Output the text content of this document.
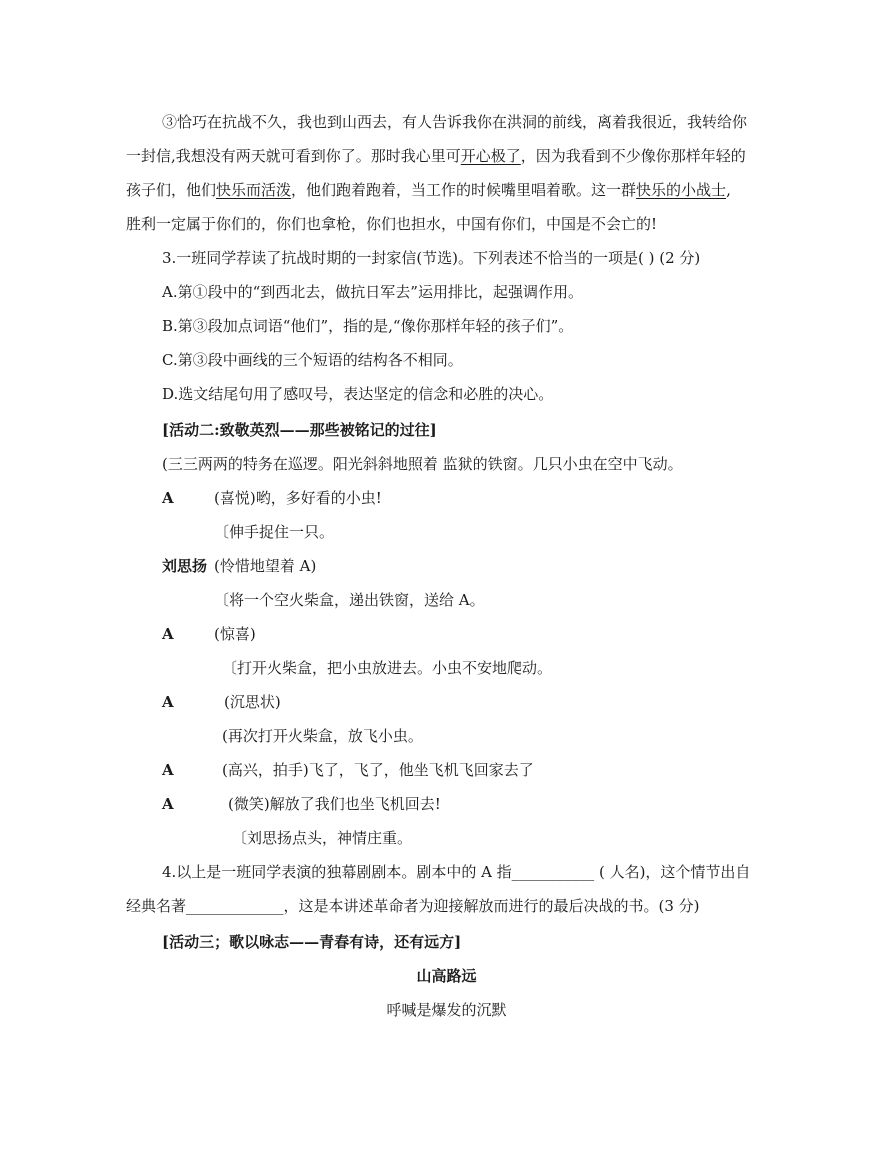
③恰巧在抗战不久，我也到山西去，有人告诉我你在洪洞的前线，离着我很近，我转给你
一封信,我想没有两天就可看到你了。那时我心里可开心极了，因为我看到不少像你那样年轻的
孩子们，他们快乐而活泼，他们跑着跑着，当工作的时候嘴里唱着歌。这一群快乐的小战士,
胜利一定属于你们的，你们也拿枪，你们也担水，中国有你们，中国是不会亡的!
3.一班同学荐读了抗战时期的一封家信(节选)。下列表述不恰当的一项是( ) (2 分)
A.第①段中的“到西北去，做抗日军去”运用排比，起强调作用。
B.第③段加点词语“他们”，指的是,“像你那样年轻的孩子们”。
C.第③段中画线的三个短语的结构各不相同。
D.选文结尾句用了感叹号，表达坚定的信念和必胜的决心。
[活动二:致敬英烈——那些被铭记的过往]
(三三两两的特务在巡逻。阳光斜斜地照着 监狱的铁窗。几只小虫在空中飞动。
A	(喜悦)哟，多好看的小虫!
〔伸手捉住一只。
刘思扬 (怜惜地望着 A)
〔将一个空火柴盒，递出铁窗，送给 A。
A	(惊喜)
〔打开火柴盒，把小虫放进去。小虫不安地爬动。
A	(沉思状)
(再次打开火柴盒，放飞小虫。
A	(高兴，拍手)飞了，飞了，他坐飞机飞回家去了
A	(微笑)解放了我们也坐飞机回去!
〔刘思扬点头，神情庄重。
4.以上是一班同学表演的独幕剧剧本。剧本中的 A 指___________ ( 人名)，这个情节出自
经典名著_____________，这是本讲述革命者为迎接解放而进行的最后决战的书。(3 分)
[活动三；歌以咏志——青春有诗，还有远方]
山高路远
呼喊是爆发的沉默
